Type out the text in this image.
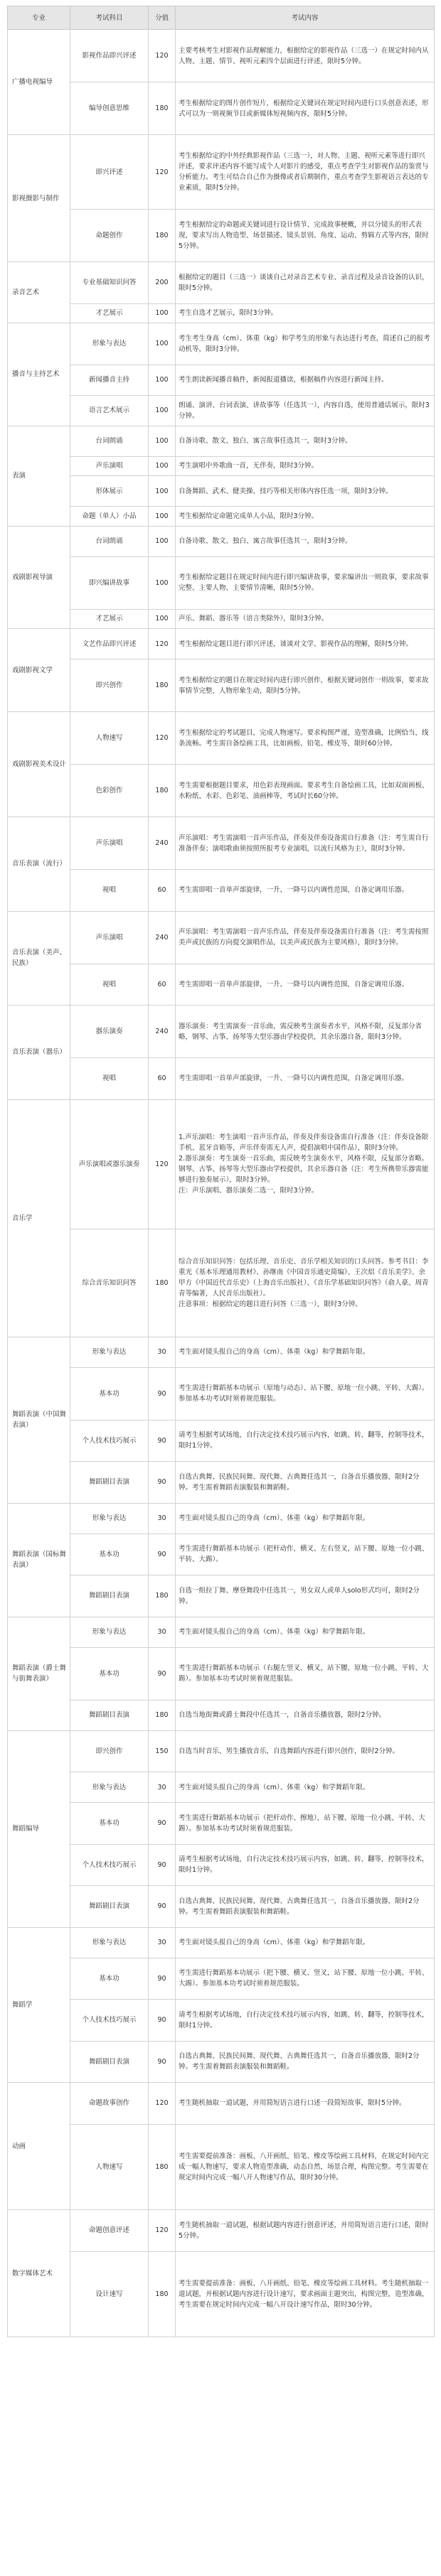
专业	考试科目	分值	考试内容
广播电视编导	影视作品即兴评述	120	主要考核考生对影视作品理解能力，根据给定的影视作品（三选一）在规定时间内从人物、主题、情节、视听元素四个层面进行评述，限时5分钟。
	编导创意思维	180	考生根据给定的图片创作短片，根据给定关键词在规定时间内进行口头创意表述，形式可以为一则视频节目或新媒体短视频内容，限时5分钟。
影视摄影与制作	即兴评述	120	考生根据给定的中外经典影视作品（三选一），对人物、主题、视听元素等进行即兴评述，要求评述内容不能写成个人对影片的感受，重点考查学生对影视作品的鉴赏与分析能力。考生可结合自己作为摄像或者后期制作，重点考查学生影视语言表达的专业素质，限时5分钟。
	命题创作	180	考生根据给定的命题或关键词进行设计情节、完成故事梗概，并以分镜头的形式表现，要求写出人物造型、场景描述、镜头景别、角度、运动、剪辑方式等内容，限时5分钟。
录音艺术	专业基础知识问答	200	根据给定的题目（三选一）谈谈自己对录音艺术专业、录音过程及录音设备的认识，限时5分钟。
	才艺展示	100	考生自选才艺展示，限时3分钟。
播音与主持艺术	形象与表达	100	考生考生身高（cm）、体重（kg）和学考生的形象与表达进行考查，简述自己的报考动机等，限时3分钟。
	新闻播音主持	100	考生朗读新闻播音稿件，新闻报道播读，根据稿件内容进行新闻主持。
	语言艺术展示	100	朗诵、演讲、台词表演、讲故事等（任选其一），内容自选，使用普通话展示，限时3分钟。
表演	台词朗诵	100	自备诗歌、散文、独白、寓言故事任选其一，限时3分钟。
	声乐演唱	100	考生演唱中外歌曲一首，无伴奏，限时3分钟。
	形体展示	100	自备舞蹈、武术、健美操、技巧等相关形体内容任选一项，限时3分钟。
	命题（单人）小品	100	考生根据给定命题完成单人小品，限时3分钟。
戏剧影视导演	台词朗诵	100	自备诗歌、散文、独白、寓言故事任选其一，限时3分钟。
	即兴编讲故事	100	考生根据给定题目在规定时间内进行即兴编讲故事，要求编讲出一则故事，要求故事完整、主要人物、主要情节清晰，限时5分钟。
	才艺展示	100	声乐、舞蹈、器乐等（语言类除外），限时3分钟。
戏剧影视文学	文艺作品即兴评述	120	考生根据给定题目进行即兴评述，谈谈对文学、影视作品的理解，限时5分钟。
	即兴创作	180	考生根据给定的题目在规定时间内进行即兴创作，根据关键词创作一则故事，要求故事情节完整，人物形象生动，限时5分钟。
戏剧影视美术设计	人物速写	120	考生根据给定的考试题目，完成人物速写。要求构图严谨，造型准确，比例恰当，线条流畅。考生需自备绘画工具，比如画板、铅笔、橡皮等，限时60分钟。
	色彩创作	180	考生需要根据题目要求，用色彩表现画面。要求考生自备绘画工具，比如双面画板、水粉纸、水彩、色彩笔、油画棒等，考试时长60分钟。
音乐表演（流行）	声乐演唱	240	声乐演唱：考生需演唱一首声乐作品，伴奏及伴奏设备需自行准备（注：考生需自行准备伴奏；演唱歌曲须按照所报考专业演唱，以流行风格为主），限时3分钟。
	视唱	60	考生需即唱一首单声部旋律，一升、一降号以内调性范围，自备定调用乐器。
音乐表演（美声、民族）	声乐演唱	240	声乐演唱：考生需演唱一首声乐作品，伴奏及伴奏设备需自行准备（注：考生需按照美声或民族的方向提交演唱作品，以美声或民族为主要风格），限时3分钟。
	视唱	60	考生需即唱一首单声部旋律，一升、一降号以内调性范围，自备定调用乐器。
音乐表演（器乐）	器乐演奏	240	器乐演奏：考生需演奏一首乐曲，需反映考生演奏者水平，风格不限，反复部分省略，钢琴、古筝、扬琴等大型乐器由学校提供，其余乐器自备，限时3分钟。
	视唱	60	考生需即唱一首单声部旋律，一升、一降号以内调性范围，自备定调用乐器。
音乐学	声乐演唱或器乐演奏	120	1.声乐演唱：考生演唱一首声乐作品，伴奏及伴奏设备需自行准备（注：伴奏设备限手机、蓝牙音箱等，声乐伴奏需无人声，提倡演唱中国作品），限时3分钟。
2.器乐演奏：考生演奏一首乐曲，需反映考生演奏水平，风格不限，反复部分省略。钢琴、古筝、扬琴等大型乐器由学校提供，其余乐器自备（注：考生所携带乐器需能够进行独奏展示），限时3分钟。
注：声乐演唱、器乐演奏二选一，限时3分钟。
	综合音乐知识问答	180	综合音乐知识问答：包括乐理、音乐史、音乐学相关知识的口头问答。参考书目：李重光《基本乐理通用教材》、孙继南《中国音乐通史简编》、王次炤《音乐美学》、余甲方《中国近代音乐史》（上海音乐出版社）、《音乐学基础知识问答》（俞人豪、周青青等编著，人民音乐出版社）。
注意事项：根据给定的题目进行问答（三选一），限时3分钟。
舞蹈表演（中国舞表演）	形象与表达	30	考生面对镜头报自己的身高（cm）、体重（kg）和学舞蹈年限。
	基本功	90	考生需进行舞蹈基本功展示（原地与动态）、站下腰、原地一位小跳、平转、大踢）。参加基本功考试时须着规范服装。
	个人技术技巧展示	90	请考生根据考试场地，自行决定技术技巧展示内容，如跳、转、翻等，控制等技术，限时1分钟。
	舞蹈剧目表演	90	自选古典舞、民族民间舞、现代舞、古典舞任选其一，自备音乐播放器，限时2分钟。考生需着舞蹈表演服装和舞蹈鞋。
舞蹈表演（国标舞表演）	形象与表达	30	考生面对镜头报自己的身高（cm）、体重（kg）和学舞蹈年限。
	基本功	90	考生需进行舞蹈基本功展示（把杆动作，横叉、左右竖叉，站下腰、原地一位小跳、平转、大踢）。
	舞蹈剧目表演	180	自选一组拉丁舞、摩登舞段中任选其一，男女双人或单人solo形式均可，限时2分钟。
舞蹈表演（爵士舞与街舞表演）	形象与表达	30	考生面对镜头报自己的身高（cm）、体重（kg）和学舞蹈年限。
	基本功	90	考生需进行舞蹈基本功展示（右腿左竖叉、横叉，站下腰、原地一位小跳、平转、大踢）。参加基本功考试时须着规范服装。
	舞蹈剧目表演	180	自选当地街舞或爵士舞段中任选其一，自备音乐播放器，限时2分钟。
舞蹈编导	即兴创作	150	自选当时音乐、男生播放音乐，自选舞蹈内容进行即兴创作，限时2分钟。
	形象与表达	30	考生面对镜头报自己的身高（cm）、体重（kg）和学舞蹈年限。
	基本功	90	考生需进行舞蹈基本功展示（把杆动作、擦地），站下腰、原地一位小跳、平转、大踢）。参加基本功考试时须着规范服装。
	个人技术技巧展示	90	请考生根据考试场地，自行决定技术技巧展示内容，如跳、转、翻等，控制等技术，限时1分钟。
	舞蹈剧目表演	90	自选古典舞、民族民间舞、现代舞、古典舞任选其一，自备音乐播放器，限时2分钟。考生需着舞蹈表演服装和舞蹈鞋。
舞蹈学	形象与表达	30	考生面对镜头报自己的身高（cm）、体重（kg）和学舞蹈年限。
	基本功	90	考生需进行舞蹈基本功展示（把下腰、横叉、竖叉，站下腰、原地一位小跳、平转、大踢）。参加基本功考试时须着规范服装。
	个人技术技巧展示	90	请考生根据考试场地，自行决定技术技巧展示内容，如跳、转、翻等，控制等技术，限时1分钟。
	舞蹈剧目表演	90	自选古典舞、民族民间舞、现代舞、古典舞任选其一，自备音乐播放器，限时2分钟。考生需着舞蹈表演服装和舞蹈鞋。
动画	命题故事创作	120	考生随机抽取一道试题，并用简短语言进行口述一段简短故事，限时5分钟。
	人物速写	180	考生需要提前准备：画板、八开画纸、铅笔、橡皮等绘画工具材料，在规定时间内完成一幅人物速写，要求人物造型准确，动态自然，场景合理，构图完整。考生需要在规定时间内完成一幅八开人物速写作品，限时30分钟。
数字媒体艺术	命题创意评述	120	考生随机抽取一道试题，根据试题内容进行创意评述，并用简短语言进行口述，限时5分钟。
	设计速写	180	考生需要提前准备：画板、八开画纸、铅笔、橡皮等绘画工具材料。考生随机抽取一道试题，并根据试题内容进行设计速写，要求画面主题突出，构图完整，造型准确，考生需要在规定时间内完成一幅八开设计速写作品，限时30分钟。
